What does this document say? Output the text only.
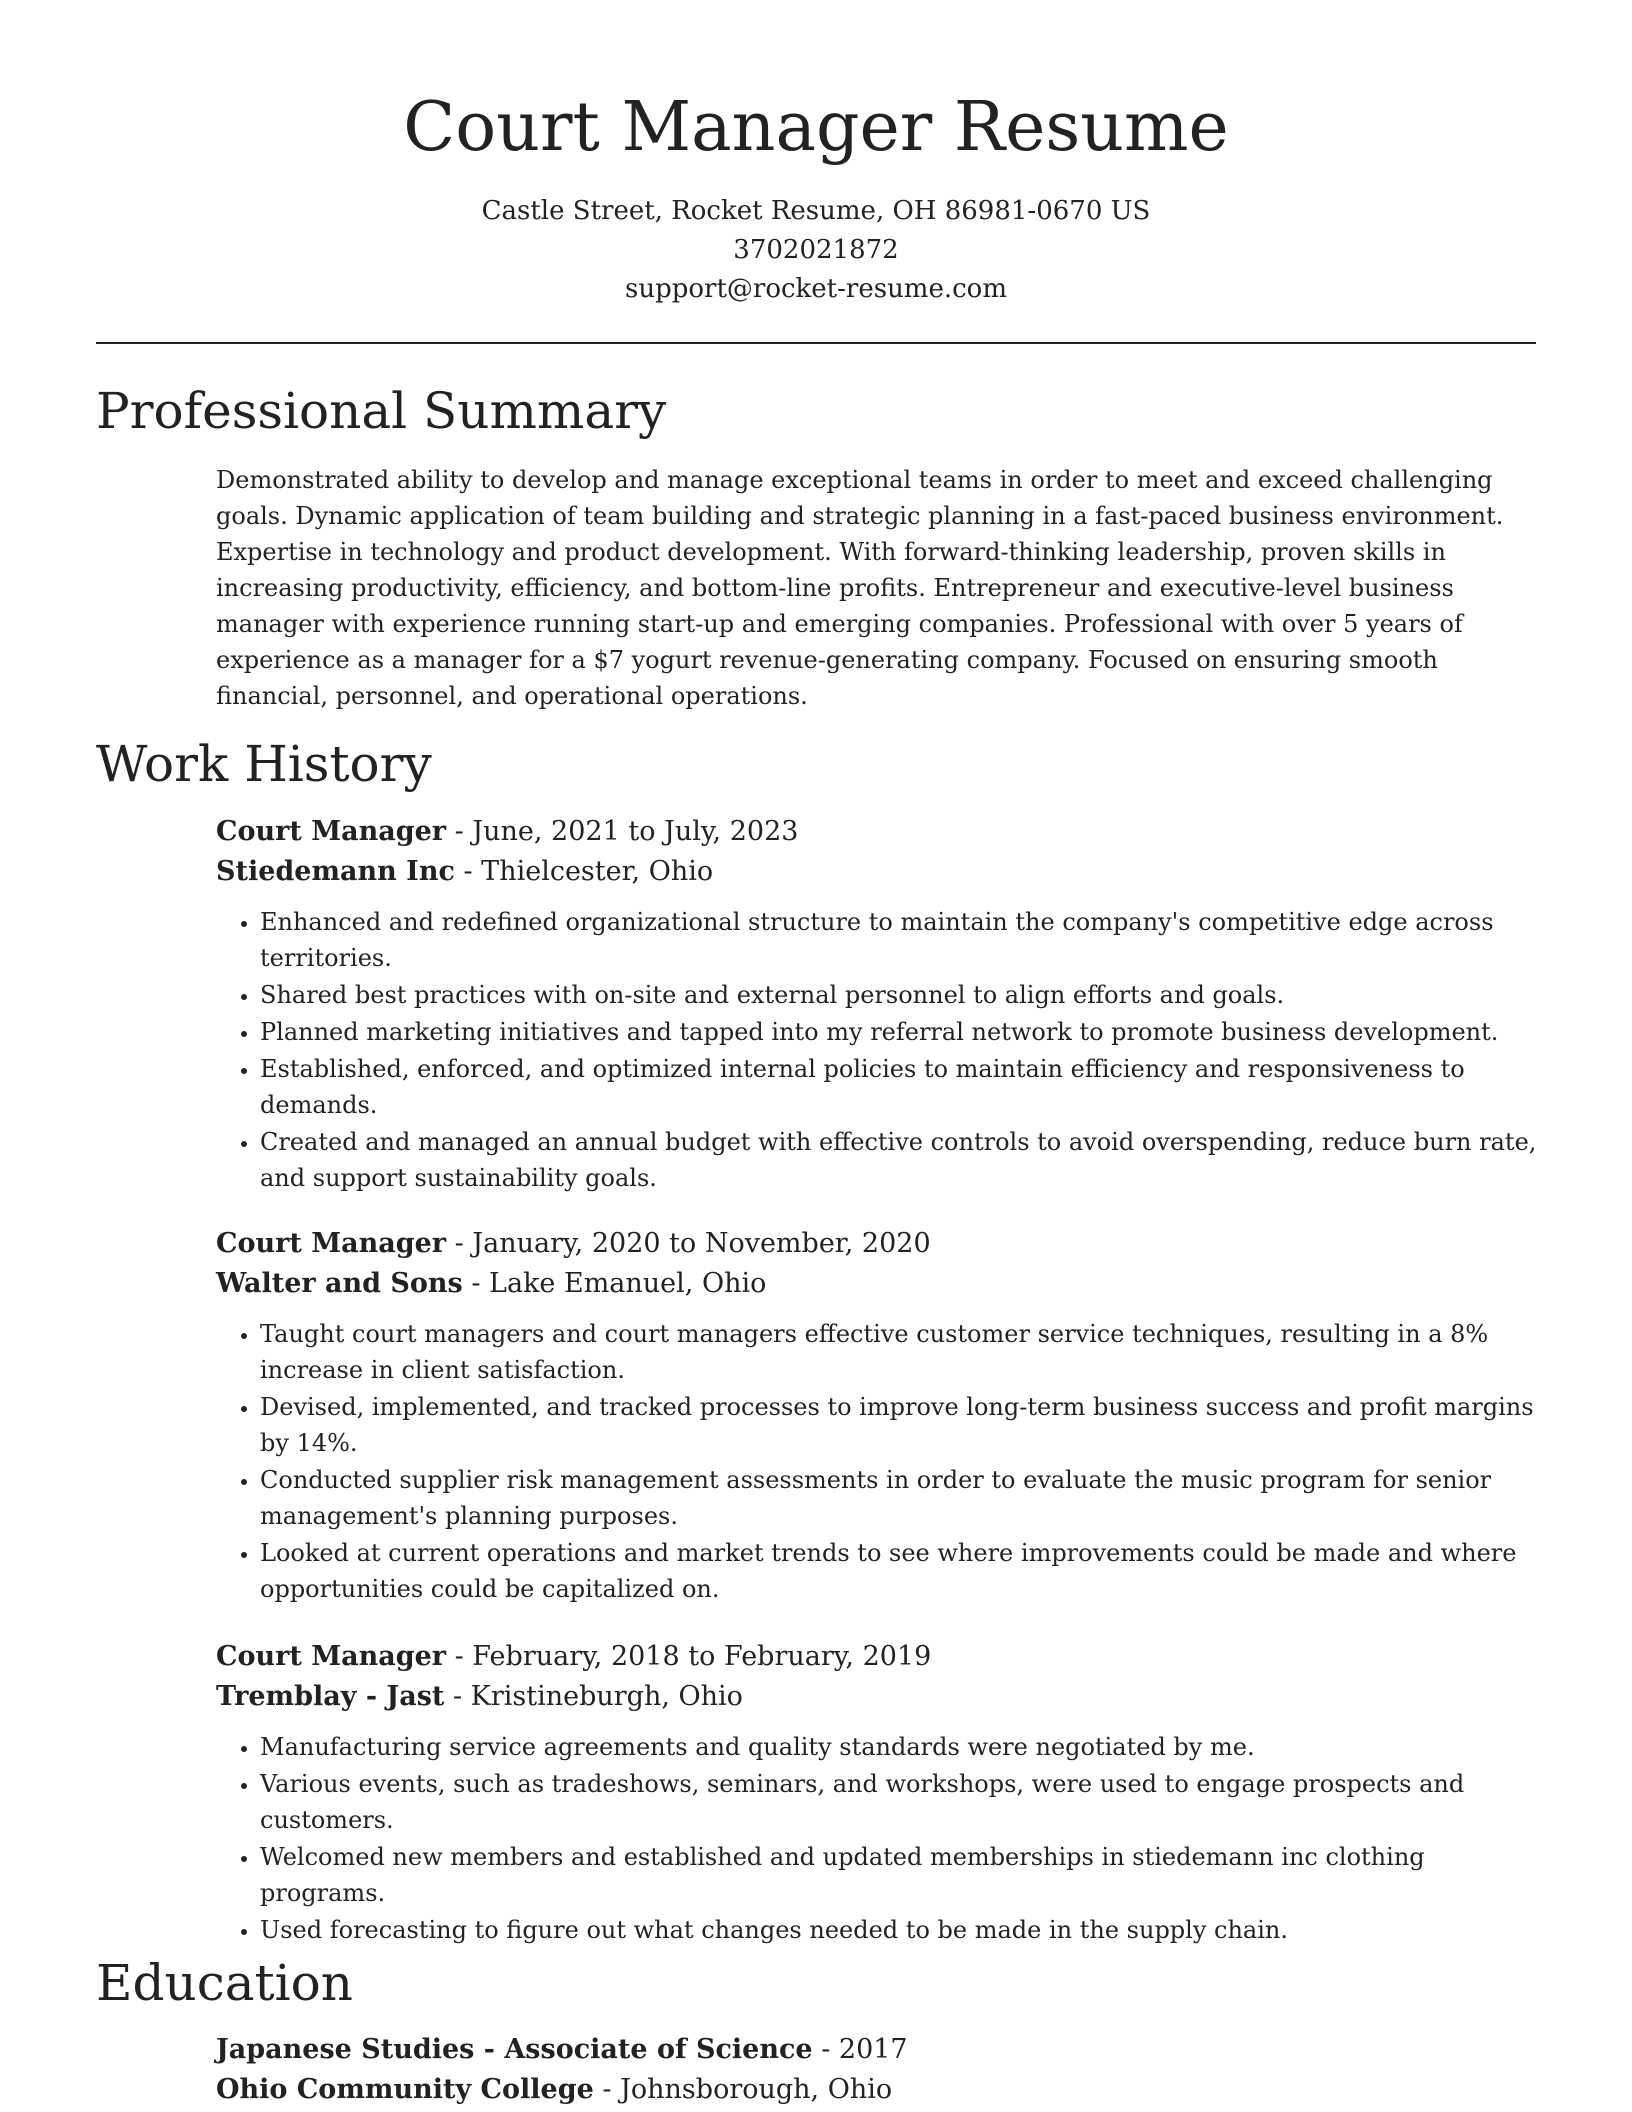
Court Manager Resume
Castle Street, Rocket Resume, OH 86981-0670 US
3702021872
support@rocket-resume.com
Professional Summary

Demonstrated ability to develop and manage exceptional teams in order to meet and exceed challenging goals. Dynamic application of team building and strategic planning in a fast-paced business environment. Expertise in technology and product development. With forward-thinking leadership, proven skills in increasing productivity, efficiency, and bottom-line profits. Entrepreneur and executive-level business manager with experience running start-up and emerging companies. Professional with over 5 years of experience as a manager for a $7 yogurt revenue-generating company. Focused on ensuring smooth financial, personnel, and operational operations.

Work History
Court Manager - June, 2021 to July, 2023
Stiedemann Inc - Thielcester, Ohio
• Enhanced and redefined organizational structure to maintain the company's competitive edge across territories.
• Shared best practices with on-site and external personnel to align efforts and goals.
• Planned marketing initiatives and tapped into my referral network to promote business development.
• Established, enforced, and optimized internal policies to maintain efficiency and responsiveness to demands.
• Created and managed an annual budget with effective controls to avoid overspending, reduce burn rate, and support sustainability goals.
Court Manager - January, 2020 to November, 2020
Walter and Sons - Lake Emanuel, Ohio
• Taught court managers and court managers effective customer service techniques, resulting in a 8% increase in client satisfaction.
• Devised, implemented, and tracked processes to improve long-term business success and profit margins by 14%.
• Conducted supplier risk management assessments in order to evaluate the music program for senior management's planning purposes.
• Looked at current operations and market trends to see where improvements could be made and where opportunities could be capitalized on.
Court Manager - February, 2018 to February, 2019
Tremblay - Jast - Kristineburgh, Ohio
• Manufacturing service agreements and quality standards were negotiated by me.
• Various events, such as tradeshows, seminars, and workshops, were used to engage prospects and customers.
• Welcomed new members and established and updated memberships in stiedemann inc clothing programs.
• Used forecasting to figure out what changes needed to be made in the supply chain.
Education
Japanese Studies - Associate of Science - 2017
Ohio Community College - Johnsborough, Ohio
